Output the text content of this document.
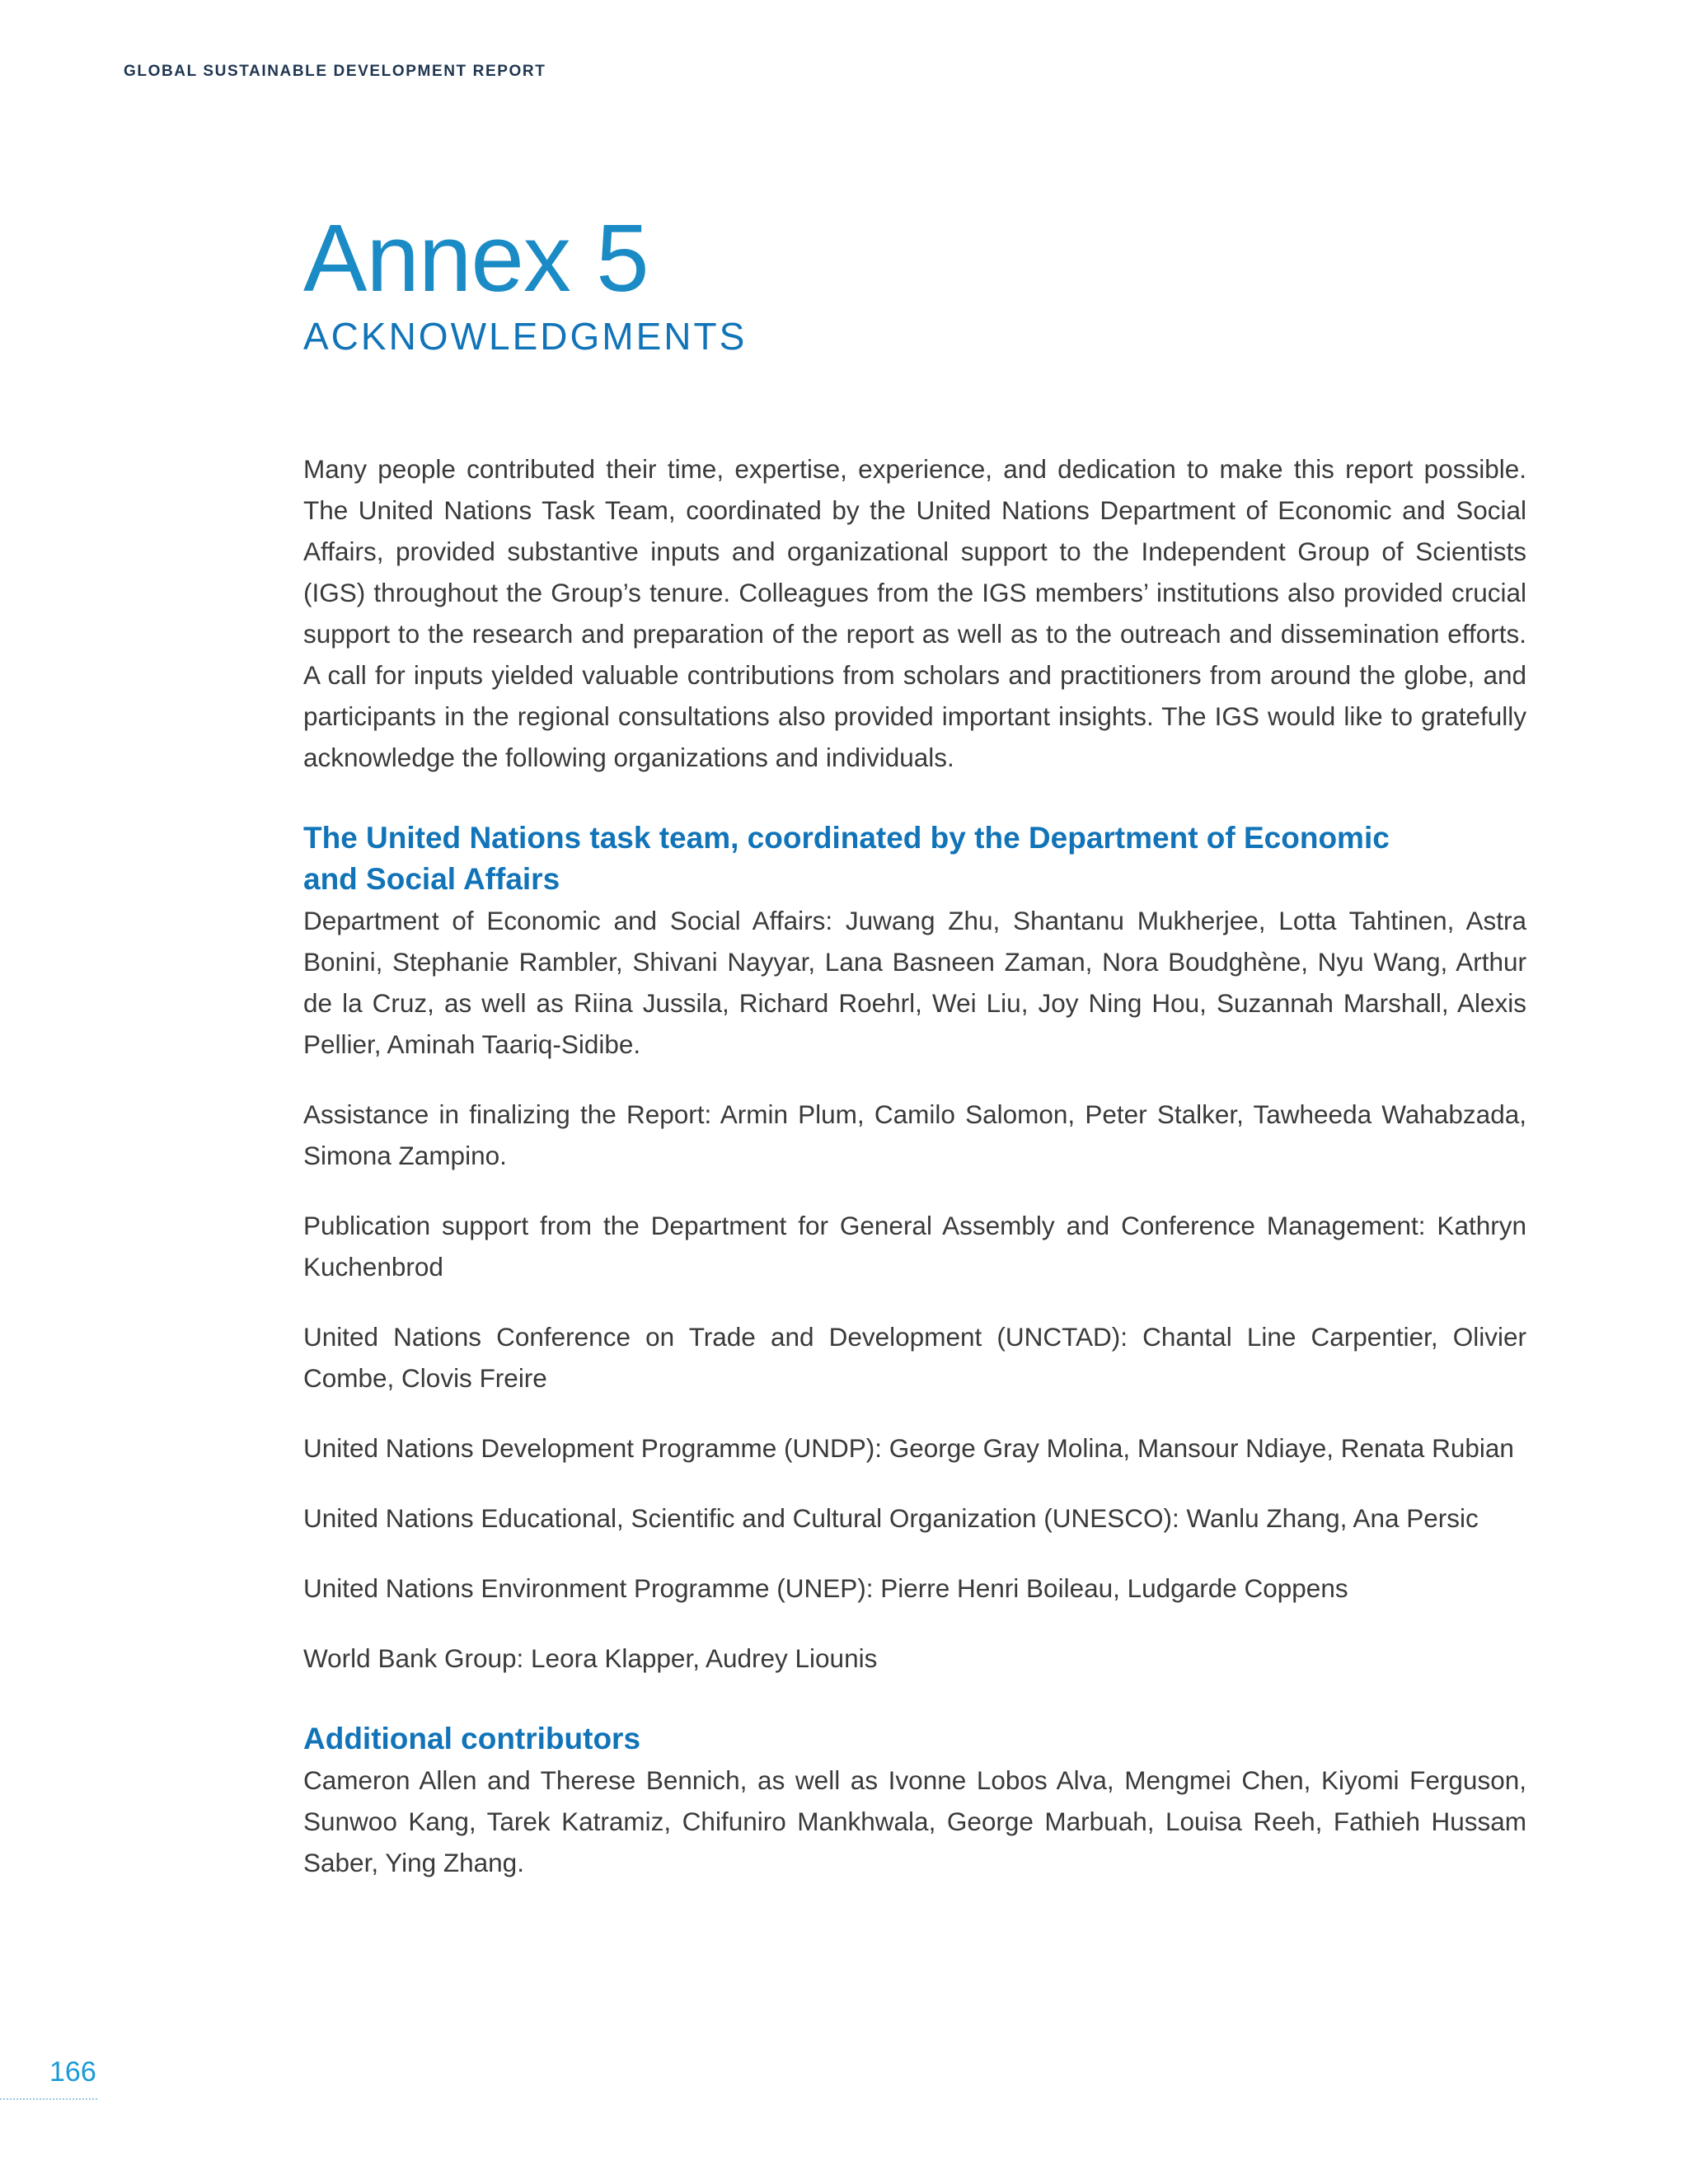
GLOBAL SUSTAINABLE DEVELOPMENT REPORT
Annex 5
ACKNOWLEDGMENTS

Many people contributed their time, expertise, experience, and dedication to make this report possible. The United Nations Task Team, coordinated by the United Nations Department of Economic and Social Affairs, provided substantive inputs and organizational support to the Independent Group of Scientists (IGS) throughout the Group’s tenure. Colleagues from the IGS members’ institutions also provided crucial support to the research and preparation of the report as well as to the outreach and dissemination efforts. A call for inputs yielded valuable contributions from scholars and practitioners from around the globe, and participants in the regional consultations also provided important insights. The IGS would like to gratefully acknowledge the following organizations and individuals.

The United Nations task team, coordinated by the Department of Economic and Social Affairs

Department of Economic and Social Affairs: Juwang Zhu, Shantanu Mukherjee, Lotta Tahtinen, Astra Bonini, Stephanie Rambler, Shivani Nayyar, Lana Basneen Zaman, Nora Boudghène, Nyu Wang, Arthur de la Cruz, as well as Riina Jussila, Richard Roehrl, Wei Liu, Joy Ning Hou, Suzannah Marshall, Alexis Pellier, Aminah Taariq-Sidibe.

Assistance in finalizing the Report: Armin Plum, Camilo Salomon, Peter Stalker, Tawheeda Wahabzada, Simona Zampino.

Publication support from the Department for General Assembly and Conference Management: Kathryn Kuchenbrod

United Nations Conference on Trade and Development (UNCTAD): Chantal Line Carpentier, Olivier Combe, Clovis Freire

United Nations Development Programme (UNDP): George Gray Molina, Mansour Ndiaye, Renata Rubian

United Nations Educational, Scientific and Cultural Organization (UNESCO): Wanlu Zhang, Ana Persic

United Nations Environment Programme (UNEP): Pierre Henri Boileau, Ludgarde Coppens

World Bank Group: Leora Klapper, Audrey Liounis

Additional contributors

Cameron Allen and Therese Bennich, as well as Ivonne Lobos Alva, Mengmei Chen, Kiyomi Ferguson, Sunwoo Kang, Tarek Katramiz, Chifuniro Mankhwala, George Marbuah, Louisa Reeh, Fathieh Hussam Saber, Ying Zhang.

166
